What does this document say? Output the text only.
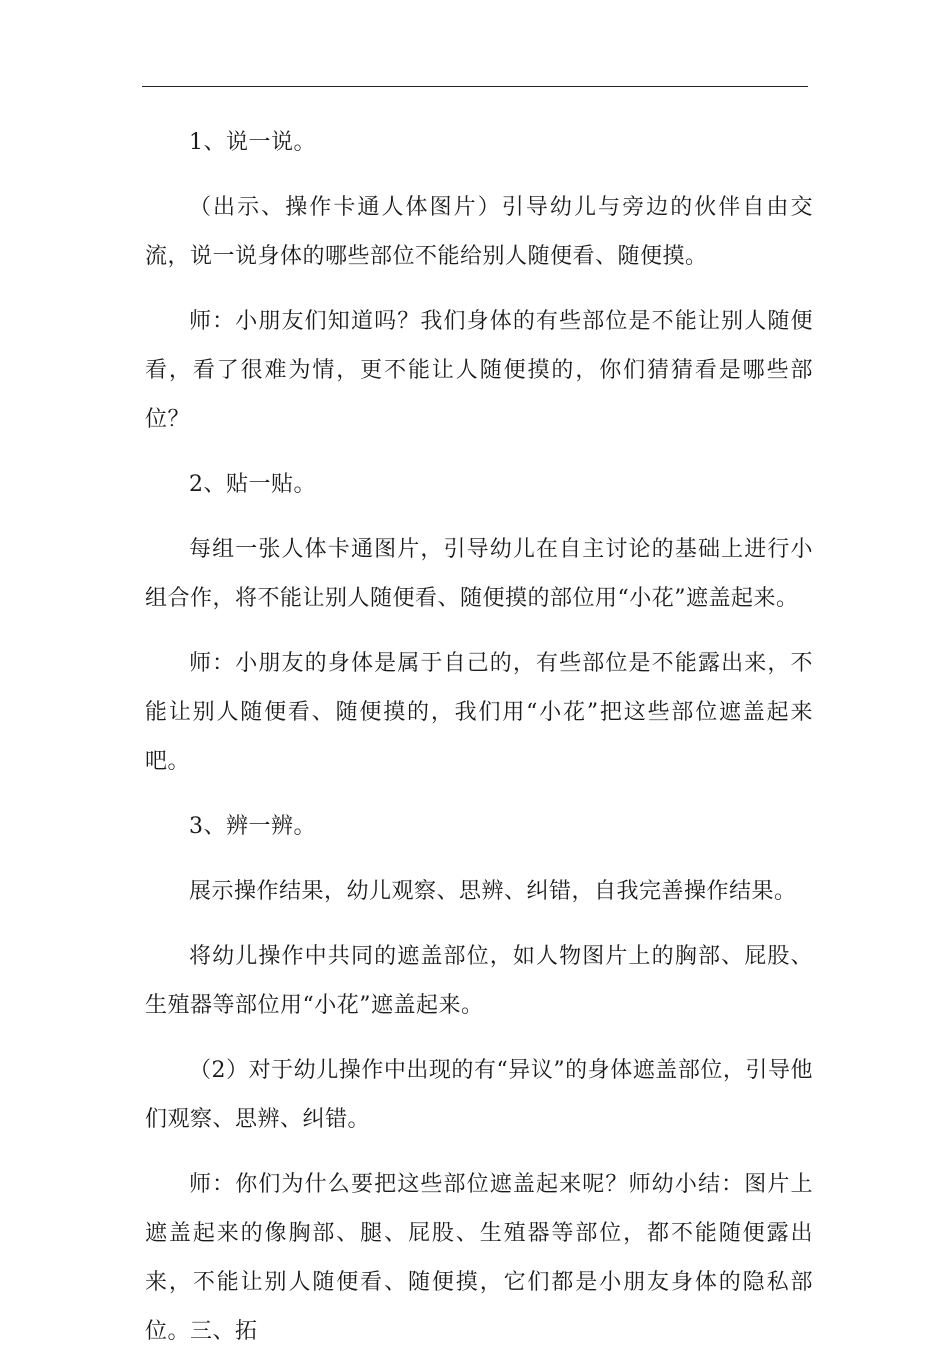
1、说一说。

（出示、操作卡通人体图片）引导幼儿与旁边的伙伴自由交流，说一说身体的哪些部位不能给别人随便看、随便摸。

师：小朋友们知道吗？我们身体的有些部位是不能让别人随便看，看了很难为情，更不能让人随便摸的，你们猜猜看是哪些部位？

2、贴一贴。

每组一张人体卡通图片，引导幼儿在自主讨论的基础上进行小组合作，将不能让别人随便看、随便摸的部位用“小花”遮盖起来。

师：小朋友的身体是属于自己的，有些部位是不能露出来，不能让别人随便看、随便摸的，我们用“小花”把这些部位遮盖起来吧。

3、辨一辨。

展示操作结果，幼儿观察、思辨、纠错，自我完善操作结果。

将幼儿操作中共同的遮盖部位，如人物图片上的胸部、屁股、生殖器等部位用“小花”遮盖起来。

（2）对于幼儿操作中出现的有“异议”的身体遮盖部位，引导他们观察、思辨、纠错。

师：你们为什么要把这些部位遮盖起来呢？师幼小结：图片上遮盖起来的像胸部、腿、屁股、生殖器等部位，都不能随便露出来，不能让别人随便看、随便摸，它们都是小朋友身体的隐私部位。三、拓
